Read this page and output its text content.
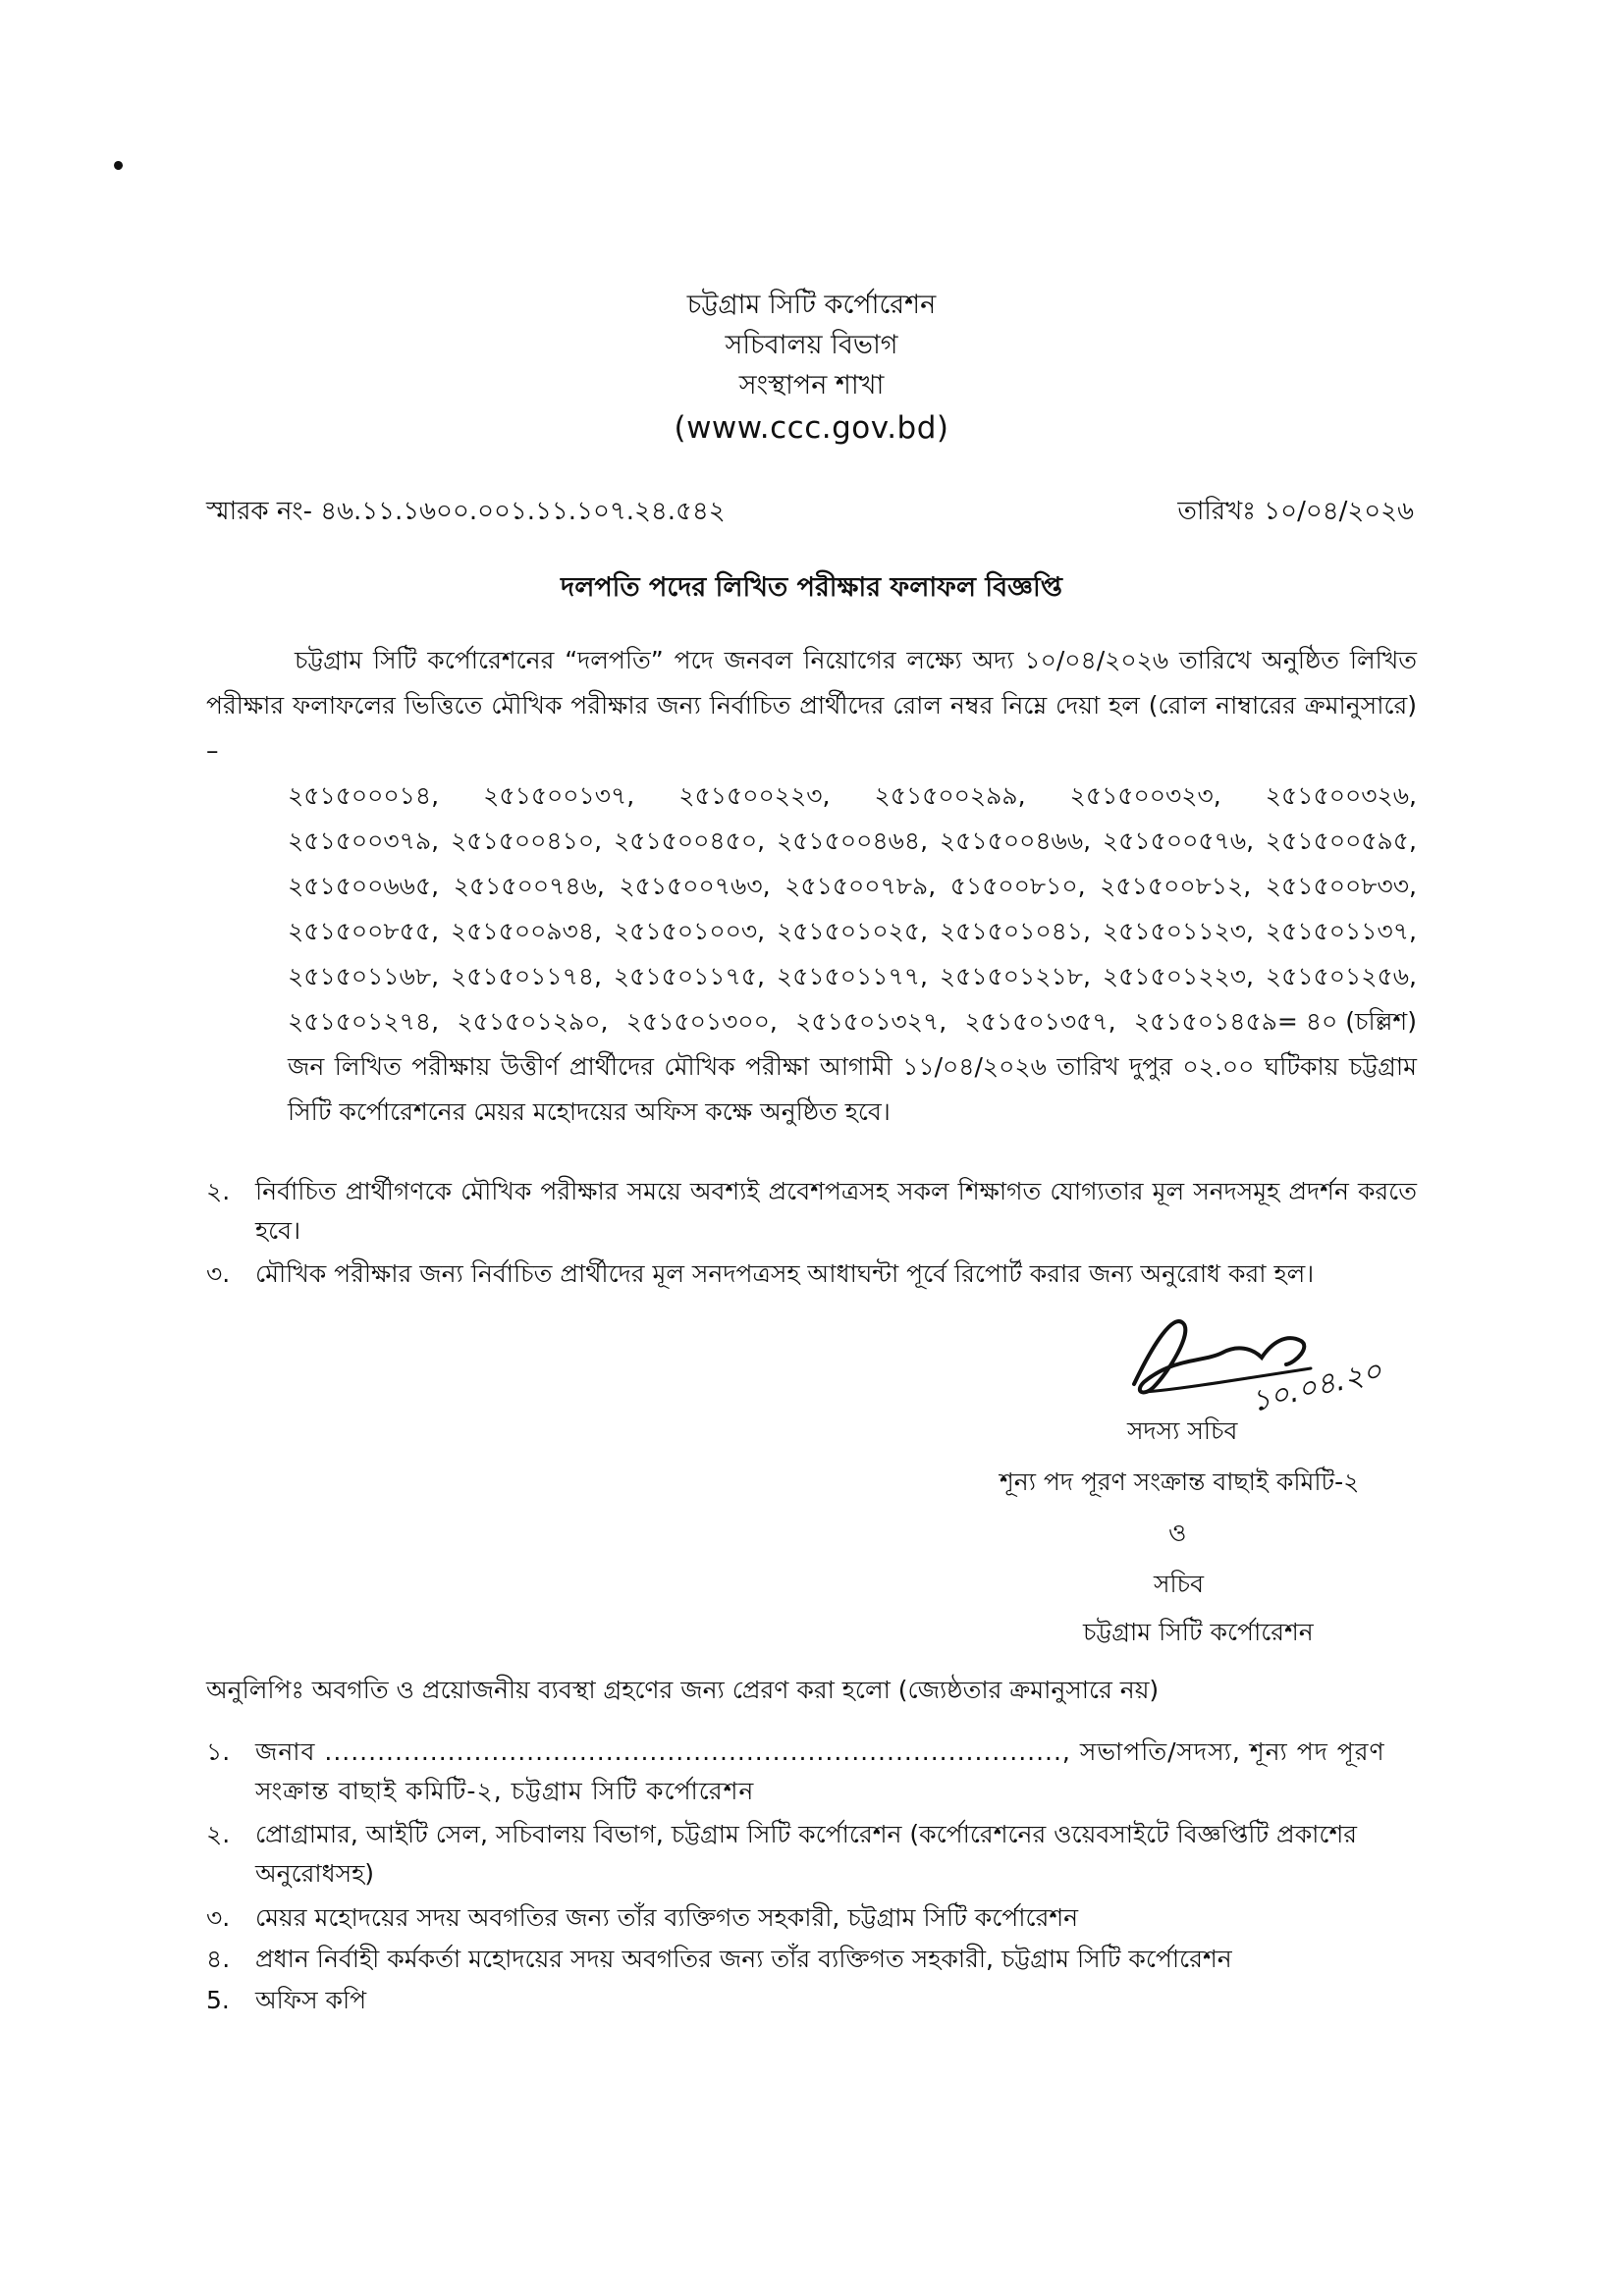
চট্টগ্রাম সিটি কর্পোরেশন
সচিবালয় বিভাগ
সংস্থাপন শাখা
(www.ccc.gov.bd)
স্মারক নং- ৪৬.১১.১৬০০.০০১.১১.১০৭.২৪.৫৪২	তারিখঃ ১০/০৪/২০২৬
দলপতি পদের লিখিত পরীক্ষার ফলাফল বিজ্ঞপ্তি
চট্টগ্রাম সিটি কর্পোরেশনের “দলপতি” পদে জনবল নিয়োগের লক্ষ্যে অদ্য ১০/০৪/২০২৬ তারিখে অনুষ্ঠিত লিখিত পরীক্ষার ফলাফলের ভিত্তিতে মৌখিক পরীক্ষার জন্য নির্বাচিত প্রার্থীদের রোল নম্বর নিম্নে দেয়া হল (রোল নাম্বারের ক্রমানুসারে) –
২৫১৫০০০১৪, ২৫১৫০০১৩৭, ২৫১৫০০২২৩, ২৫১৫০০২৯৯, ২৫১৫০০৩২৩, ২৫১৫০০৩২৬,
২৫১৫০০৩৭৯, ২৫১৫০০৪১০, ২৫১৫০০৪৫০, ২৫১৫০০৪৬৪, ২৫১৫০০৪৬৬, ২৫১৫০০৫৭৬, ২৫১৫০০৫৯৫,
২৫১৫০০৬৬৫, ২৫১৫০০৭৪৬, ২৫১৫০০৭৬৩, ২৫১৫০০৭৮৯, ৫১৫০০৮১০, ২৫১৫০০৮১২, ২৫১৫০০৮৩৩,
২৫১৫০০৮৫৫, ২৫১৫০০৯৩৪, ২৫১৫০১০০৩, ২৫১৫০১০২৫, ২৫১৫০১০৪১, ২৫১৫০১১২৩, ২৫১৫০১১৩৭,
২৫১৫০১১৬৮, ২৫১৫০১১৭৪, ২৫১৫০১১৭৫, ২৫১৫০১১৭৭, ২৫১৫০১২১৮, ২৫১৫০১২২৩, ২৫১৫০১২৫৬,
২৫১৫০১২৭৪, ২৫১৫০১২৯০, ২৫১৫০১৩০০, ২৫১৫০১৩২৭, ২৫১৫০১৩৫৭, ২৫১৫০১৪৫৯= ৪০ (চল্লিশ)
জন লিখিত পরীক্ষায় উত্তীর্ণ প্রার্থীদের মৌখিক পরীক্ষা আগামী ১১/০৪/২০২৬ তারিখ দুপুর ০২.০০ ঘটিকায় চট্টগ্রাম সিটি কর্পোরেশনের মেয়র মহোদয়ের অফিস কক্ষে অনুষ্ঠিত হবে।
২.	নির্বাচিত প্রার্থীগণকে মৌখিক পরীক্ষার সময়ে অবশ্যই প্রবেশপত্রসহ সকল শিক্ষাগত যোগ্যতার মূল সনদসমূহ প্রদর্শন করতে হবে।
৩.	মৌখিক পরীক্ষার জন্য নির্বাচিত প্রার্থীদের মূল সনদপত্রসহ আধাঘন্টা পূর্বে রিপোর্ট করার জন্য অনুরোধ করা হল।
১০.০৪.২০
সদস্য সচিব
শূন্য পদ পূরণ সংক্রান্ত বাছাই কমিটি-২
ও
সচিব
চট্টগ্রাম সিটি কর্পোরেশন
অনুলিপিঃ অবগতি ও প্রয়োজনীয় ব্যবস্থা গ্রহণের জন্য প্রেরণ করা হলো (জ্যেষ্ঠতার ক্রমানুসারে নয়)
১. জনাব ...................................................................................., সভাপতি/সদস্য, শূন্য পদ পূরণ সংক্রান্ত বাছাই কমিটি-২, চট্টগ্রাম সিটি কর্পোরেশন
২. প্রোগ্রামার, আইটি সেল, সচিবালয় বিভাগ, চট্টগ্রাম সিটি কর্পোরেশন (কর্পোরেশনের ওয়েবসাইটে বিজ্ঞপ্তিটি প্রকাশের অনুরোধসহ)
৩. মেয়র মহোদয়ের সদয় অবগতির জন্য তাঁর ব্যক্তিগত সহকারী, চট্টগ্রাম সিটি কর্পোরেশন
৪. প্রধান নির্বাহী কর্মকর্তা মহোদয়ের সদয় অবগতির জন্য তাঁর ব্যক্তিগত সহকারী, চট্টগ্রাম সিটি কর্পোরেশন
5. অফিস কপি
